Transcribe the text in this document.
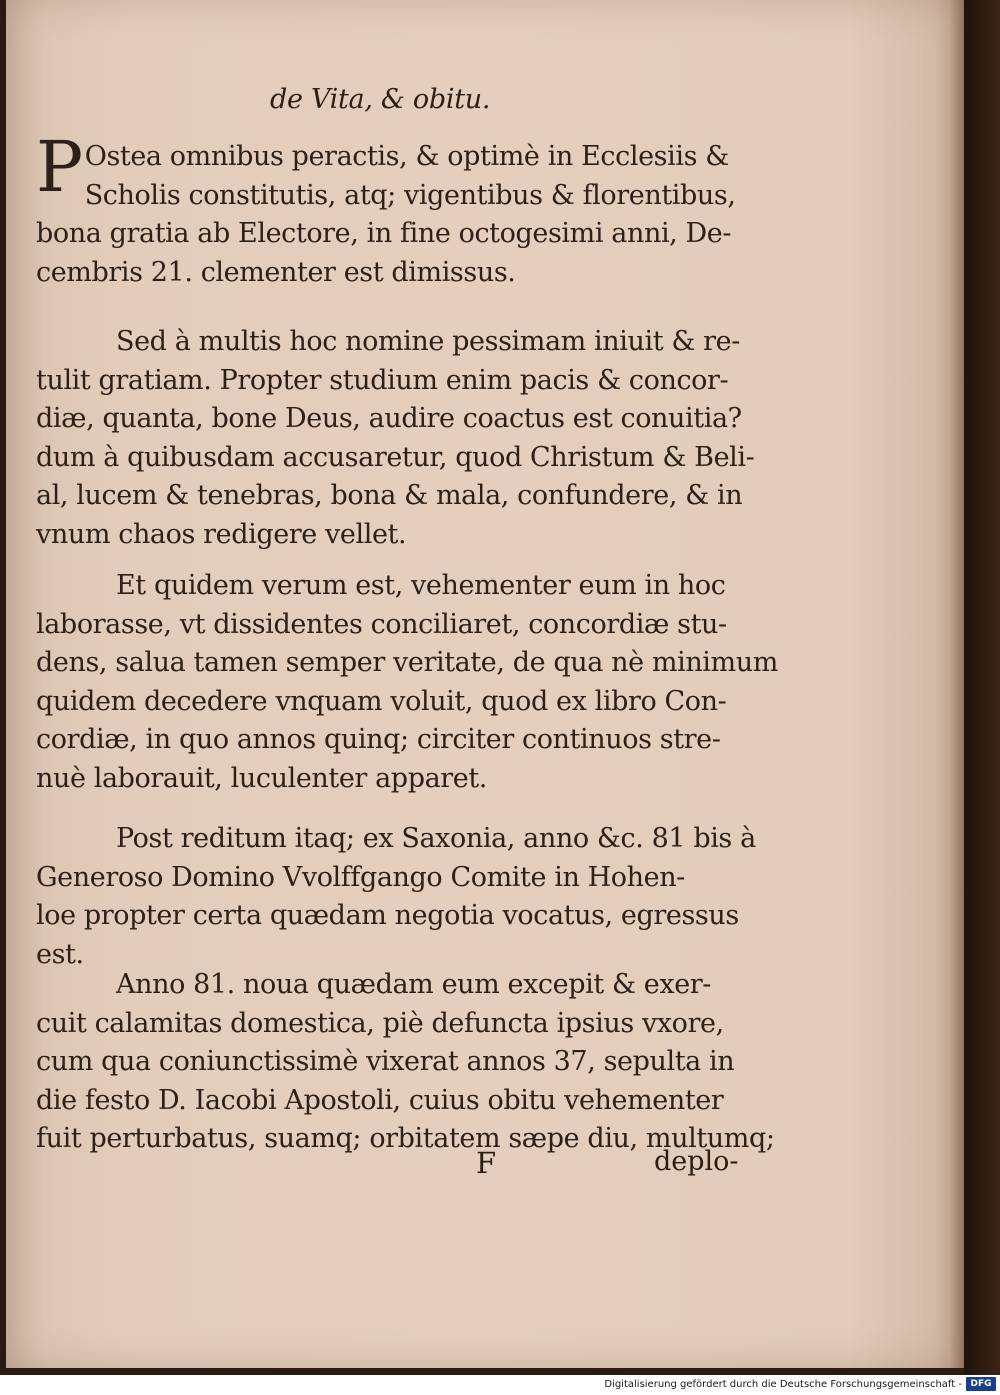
de Vita, & obitu.
P Ostea omnibus peractis, & optimè in Ecclesiis &
Scholis constitutis, atq; vigentibus & florentibus,
bona gratia ab Electore, in fine octogesimi anni, De-
cembris 21. clementer est dimissus.
Sed à multis hoc nomine pessimam iniuit & re-
tulit gratiam. Propter studium enim pacis & concor-
diæ, quanta, bone Deus, audire coactus est conuitia?
dum à quibusdam accusaretur, quod Christum & Beli-
al, lucem & tenebras, bona & mala, confundere, & in
vnum chaos redigere vellet.
Et quidem verum est, vehementer eum in hoc
laborasse, vt dissidentes conciliaret, concordiæ stu-
dens, salua tamen semper veritate, de qua nè minimum
quidem decedere vnquam voluit, quod ex libro Con-
cordiæ, in quo annos quinq; circiter continuos stre-
nuè laborauit, luculenter apparet.
Post reditum itaq; ex Saxonia, anno &c. 81 bis à
Generoso Domino Vvolffgango Comite in Hohen-
loe propter certa quædam negotia vocatus, egressus
est.
Anno 81. noua quædam eum excepit & exer-
cuit calamitas domestica, piè defuncta ipsius vxore,
cum qua coniunctissimè vixerat annos 37, sepulta in
die festo D. Iacobi Apostoli, cuius obitu vehementer
fuit perturbatus, suamq; orbitatem sæpe diu, multumq;
F	deplo-
Digitalisierung gefördert durch die Deutsche Forschungsgemeinschaft - DFG
